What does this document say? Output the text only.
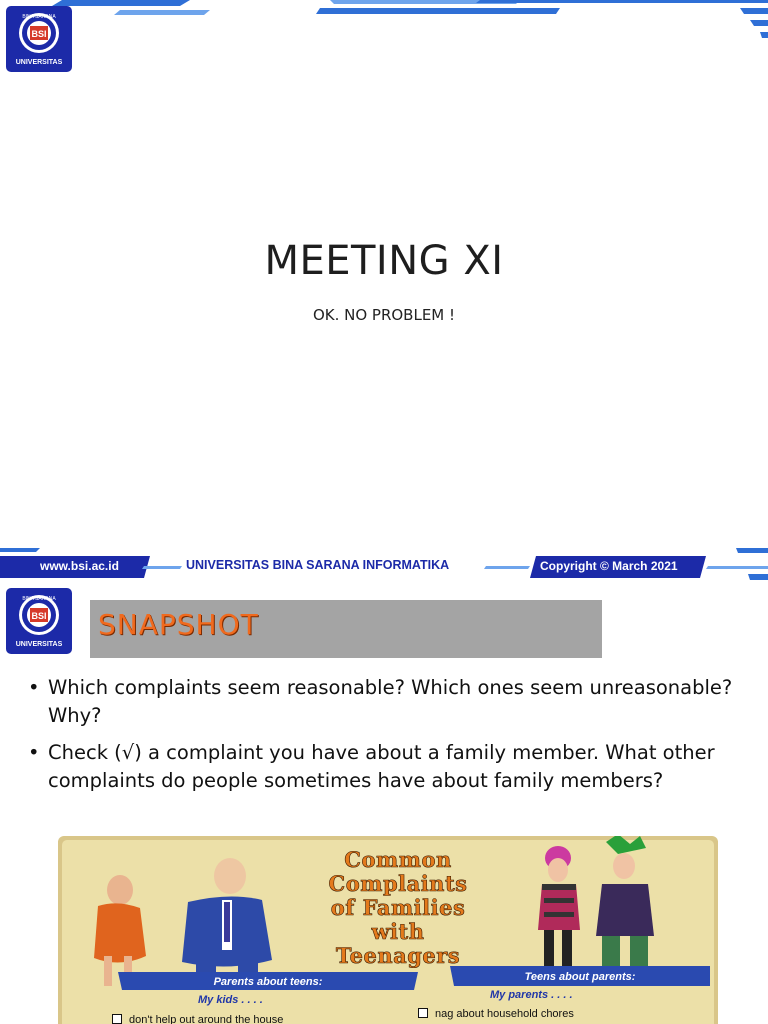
BSI
BINA SARANA
UNIVERSITAS
MEETING XI
OK. NO PROBLEM !
www.bsi.ac.id	UNIVERSITAS BINA SARANA INFORMATIKA	Copyright © March 2021
BSI
BINA SARANA
UNIVERSITAS
SNAPSHOT
• Which complaints seem reasonable? Which ones seem unreasonable? Why?
• Check (√) a complaint you have about a family member. What other complaints do people sometimes have about family members?
Common
Complaints
of Families
with
Teenagers
Parents about teens:	Teens about parents:
My kids . . . .	My parents . . . .
don't help out around the house	nag about household chores
